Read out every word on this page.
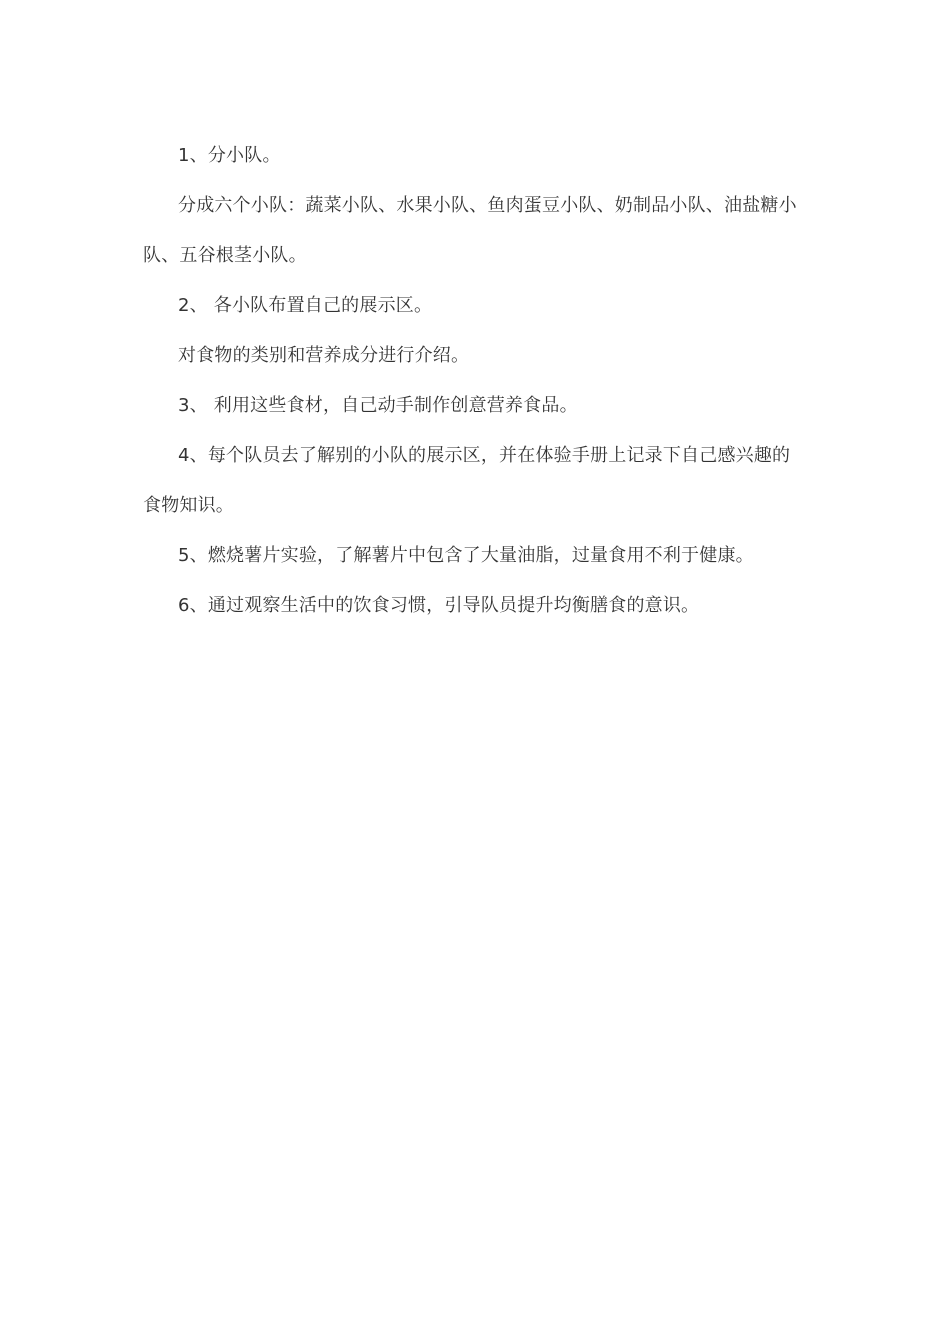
1、分小队。

分成六个小队：蔬菜小队、水果小队、鱼肉蛋豆小队、奶制品小队、油盐糖小队、五谷根茎小队。

2、 各小队布置自己的展示区。

对食物的类别和营养成分进行介绍。

3、 利用这些食材，自己动手制作创意营养食品。

4、每个队员去了解别的小队的展示区，并在体验手册上记录下自己感兴趣的食物知识。

5、燃烧薯片实验，了解薯片中包含了大量油脂，过量食用不利于健康。

6、通过观察生活中的饮食习惯，引导队员提升均衡膳食的意识。
